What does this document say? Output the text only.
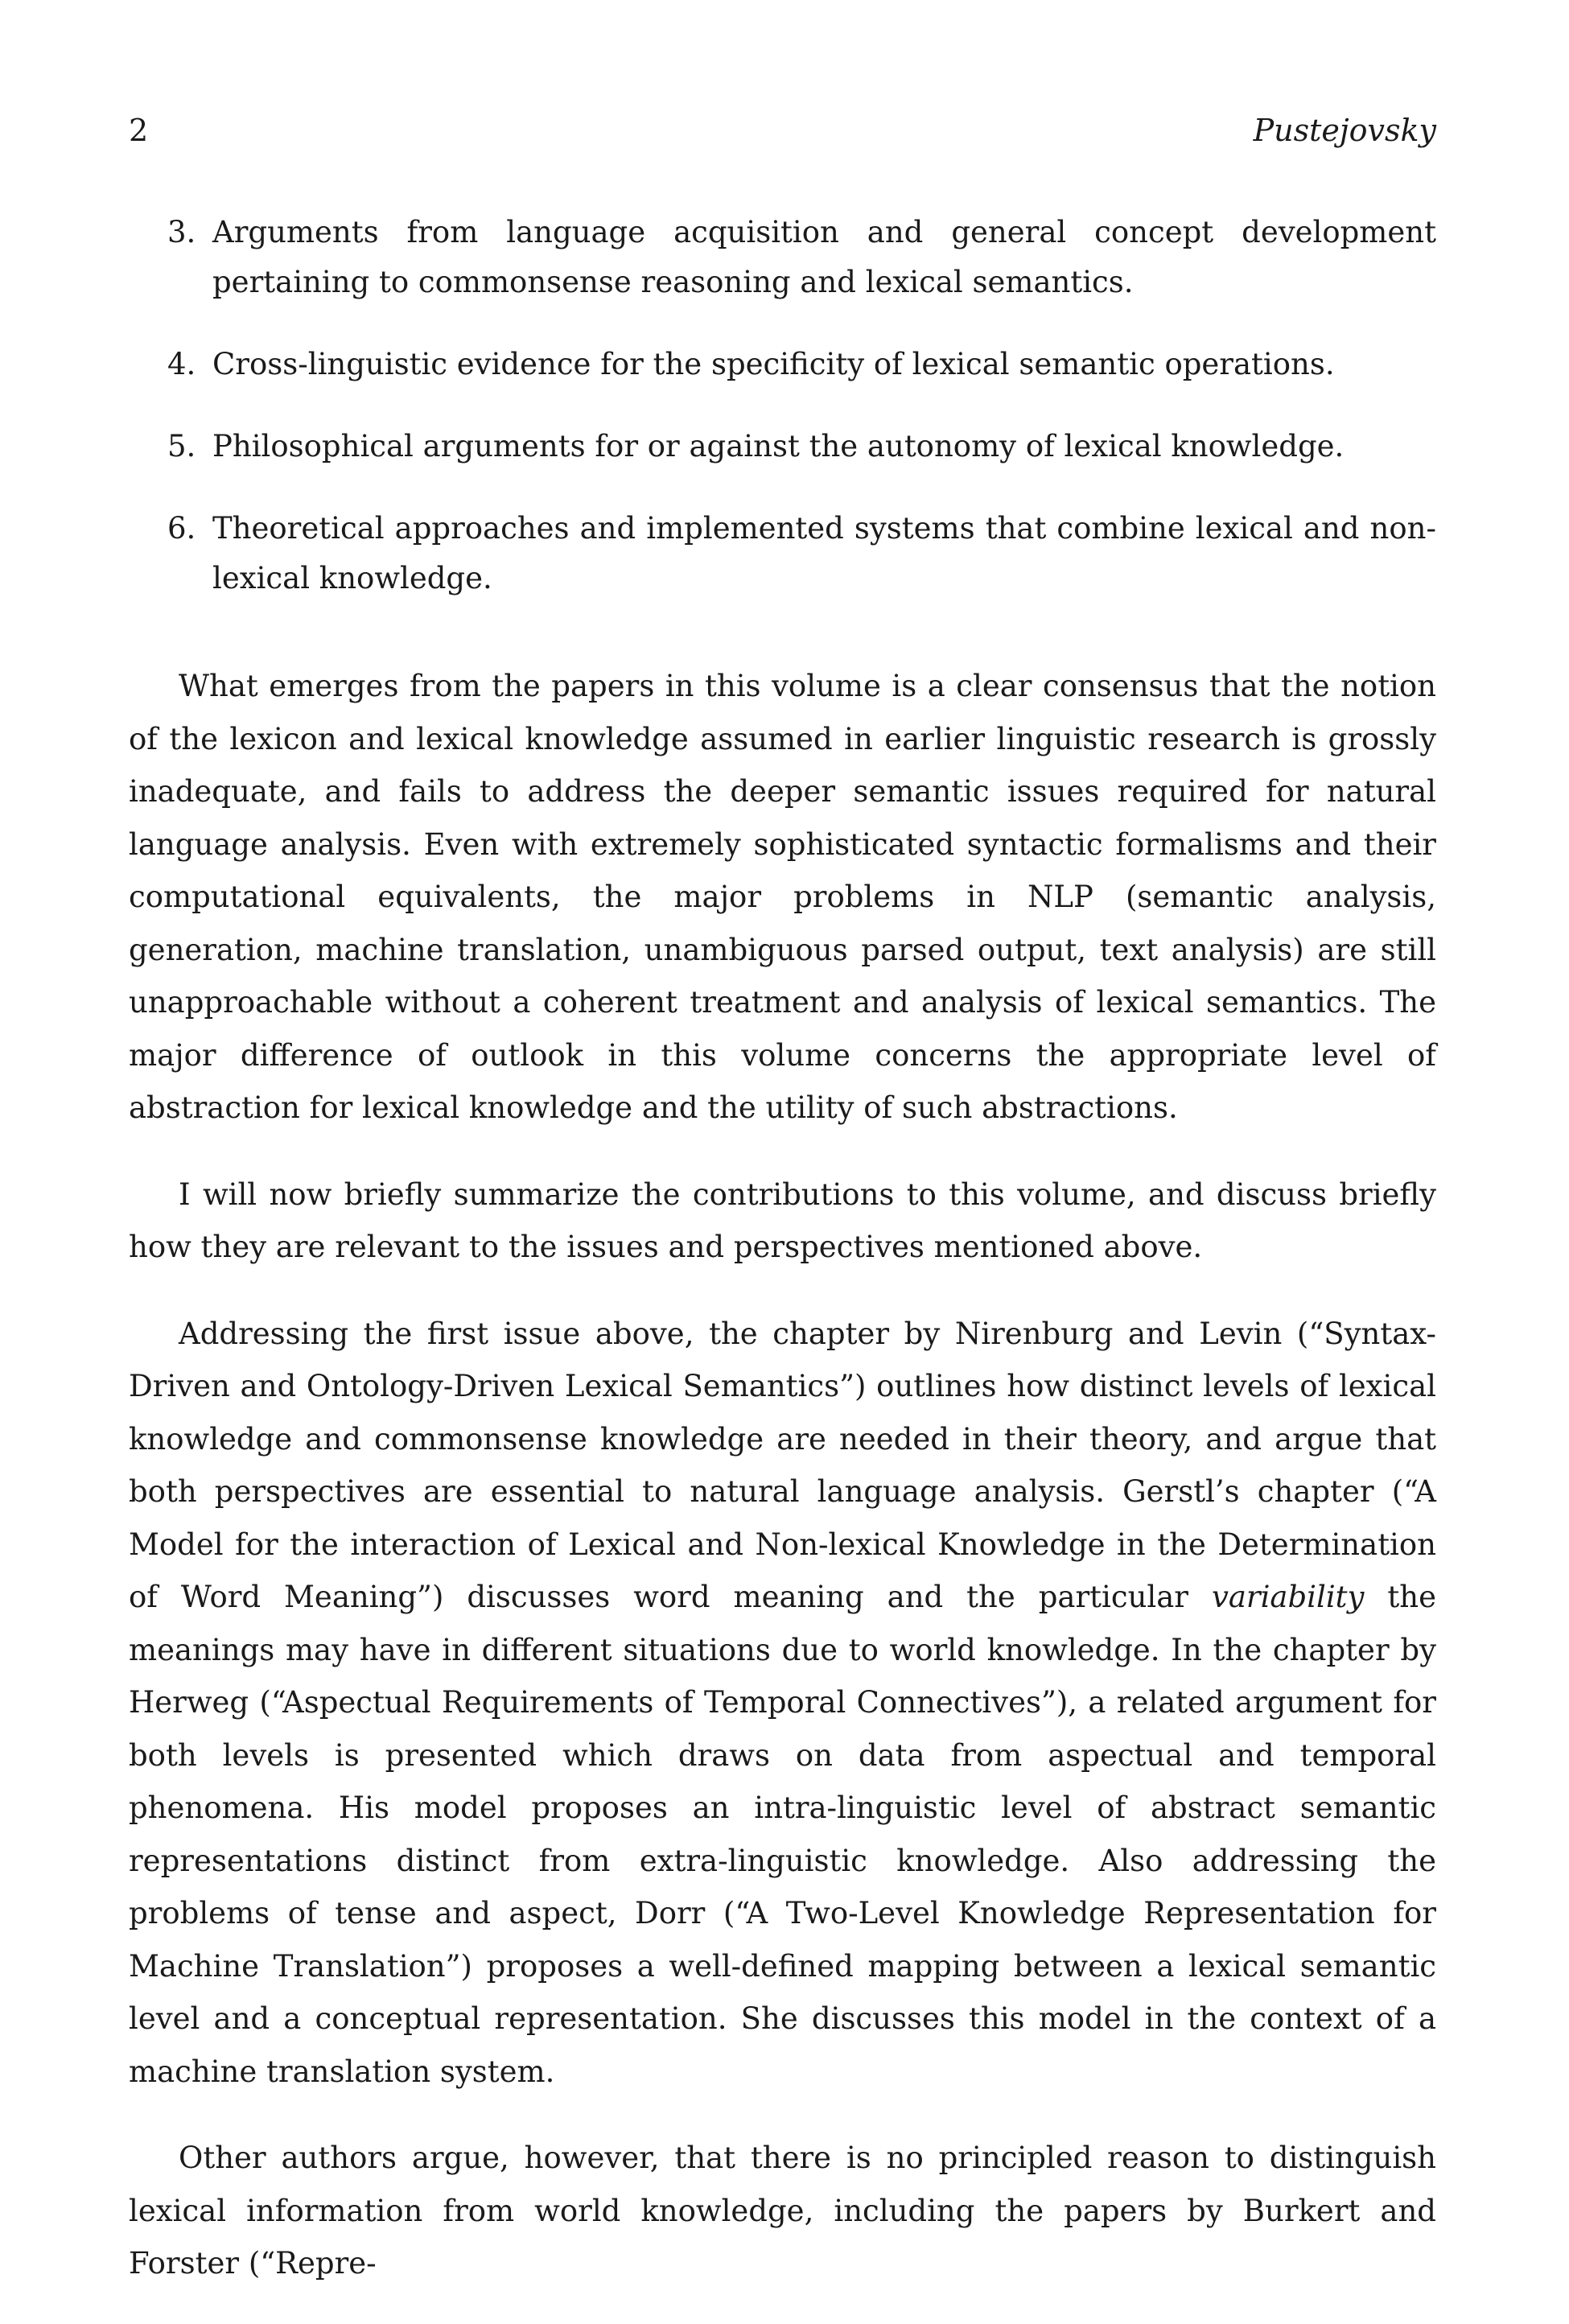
2	Pustejovsky
3. Arguments from language acquisition and general concept development pertaining to commonsense reasoning and lexical semantics.
4. Cross-linguistic evidence for the specificity of lexical semantic operations.
5. Philosophical arguments for or against the autonomy of lexical knowledge.
6. Theoretical approaches and implemented systems that combine lexical and non-lexical knowledge.

What emerges from the papers in this volume is a clear consensus that the notion of the lexicon and lexical knowledge assumed in earlier linguistic research is grossly inadequate, and fails to address the deeper semantic issues required for natural language analysis. Even with extremely sophisticated syntactic formalisms and their computational equivalents, the major problems in NLP (semantic analysis, generation, machine translation, unambiguous parsed output, text analysis) are still unapproachable without a coherent treatment and analysis of lexical semantics. The major difference of outlook in this volume concerns the appropriate level of abstraction for lexical knowledge and the utility of such abstractions.

I will now briefly summarize the contributions to this volume, and discuss briefly how they are relevant to the issues and perspectives mentioned above.

Addressing the first issue above, the chapter by Nirenburg and Levin (“Syntax-Driven and Ontology-Driven Lexical Semantics”) outlines how distinct levels of lexical knowledge and commonsense knowledge are needed in their theory, and argue that both perspectives are essential to natural language analysis. Gerstl’s chapter (“A Model for the interaction of Lexical and Non-lexical Knowledge in the Determination of Word Meaning”) discusses word meaning and the particular variability the meanings may have in different situations due to world knowledge. In the chapter by Herweg (“Aspectual Requirements of Temporal Connectives”), a related argument for both levels is presented which draws on data from aspectual and temporal phenomena. His model proposes an intra-linguistic level of abstract semantic representations distinct from extra-linguistic knowledge. Also addressing the problems of tense and aspect, Dorr (“A Two-Level Knowledge Representation for Machine Translation”) proposes a well-defined mapping between a lexical semantic level and a conceptual representation. She discusses this model in the context of a machine translation system.

Other authors argue, however, that there is no principled reason to distinguish lexical information from world knowledge, including the papers by Burkert and Forster (“Repre-
